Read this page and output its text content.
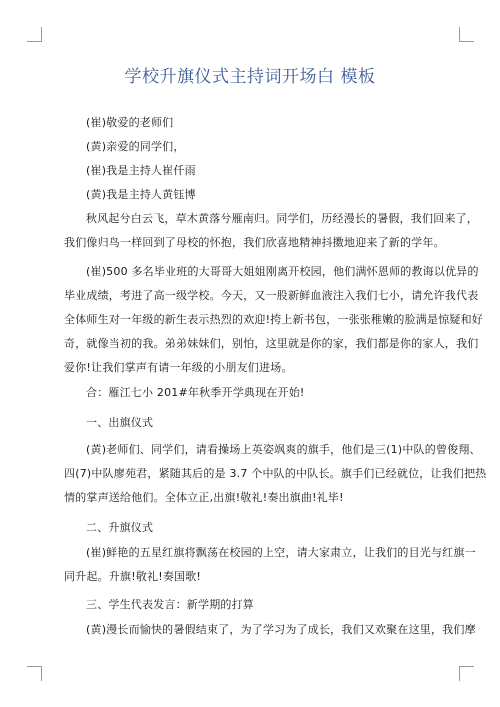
学校升旗仪式主持词开场白 模板
(崔)敬爱的老师们
(黄)亲爱的同学们，
(崔)我是主持人崔仟雨
(黄)我是主持人黄钰博
秋风起兮白云飞，草木黄落兮雁南归。同学们，历经漫长的暑假，我们回来了，
我们像归鸟一样回到了母校的怀抱，我们欣喜地精神抖擞地迎来了新的学年。
(崔)500 多名毕业班的大哥哥大姐姐刚离开校园，他们满怀恩师的教诲以优异的
毕业成绩，考进了高一级学校。今天，又一股新鲜血液注入我们七小，请允许我代表
全体师生对一年级的新生表示热烈的欢迎!挎上新书包，一张张稚嫩的脸满是惊疑和好
奇，就像当初的我。弟弟妹妹们，别怕，这里就是你的家，我们都是你的家人，我们
爱你!让我们掌声有请一年级的小朋友们进场。
合：雁江七小 201#年秋季开学典现在开始!
一、出旗仪式
(黄)老师们、同学们，请看操场上英姿飒爽的旗手，他们是三(1)中队的曾俊翔、
四(7)中队廖苑君，紧随其后的是 3.7 个中队的中队长。旗手们已经就位，让我们把热
情的掌声送给他们。全体立正,出旗!敬礼!奏出旗曲!礼毕!
二、升旗仪式
(崔)鲜艳的五星红旗将飘荡在校园的上空，请大家肃立，让我们的目光与红旗一
同升起。升旗!敬礼!奏国歌!
三、学生代表发言：新学期的打算
(黄)漫长而愉快的暑假结束了，为了学习为了成长，我们又欢聚在这里，我们摩
